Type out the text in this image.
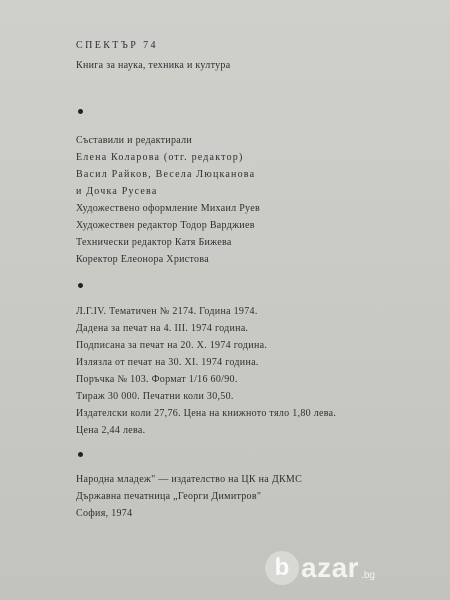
СПЕКТЪР 74
Книга за наука, техника и култура
Съставили и редактирали
Елена Коларова (отг. редактор)
Васил Райков, Весела Люцканова
и Дочка Русева
Художествено оформление Михаил Руев
Художествен редактор Тодор Варджиев
Технически редактор Катя Бижева
Коректор Елеонора Христова
Л.Г.IV. Тематичен № 2174. Година 1974.
Дадена за печат на 4. III. 1974 година.
Подписана за печат на 20. X. 1974 година.
Излязла от печат на 30. XI. 1974 година.
Поръчка № 103. Формат 1/16 60/90.
Тираж 30 000. Печатни коли 30,50.
Издателски коли 27,76. Цена на книжното тяло 1,80 лева.
Цена 2,44 лева.
Народна младеж" — издателство на ЦК на ДКМС
Държавна печатница „Георги Димитров"
София, 1974
b azar .bg
